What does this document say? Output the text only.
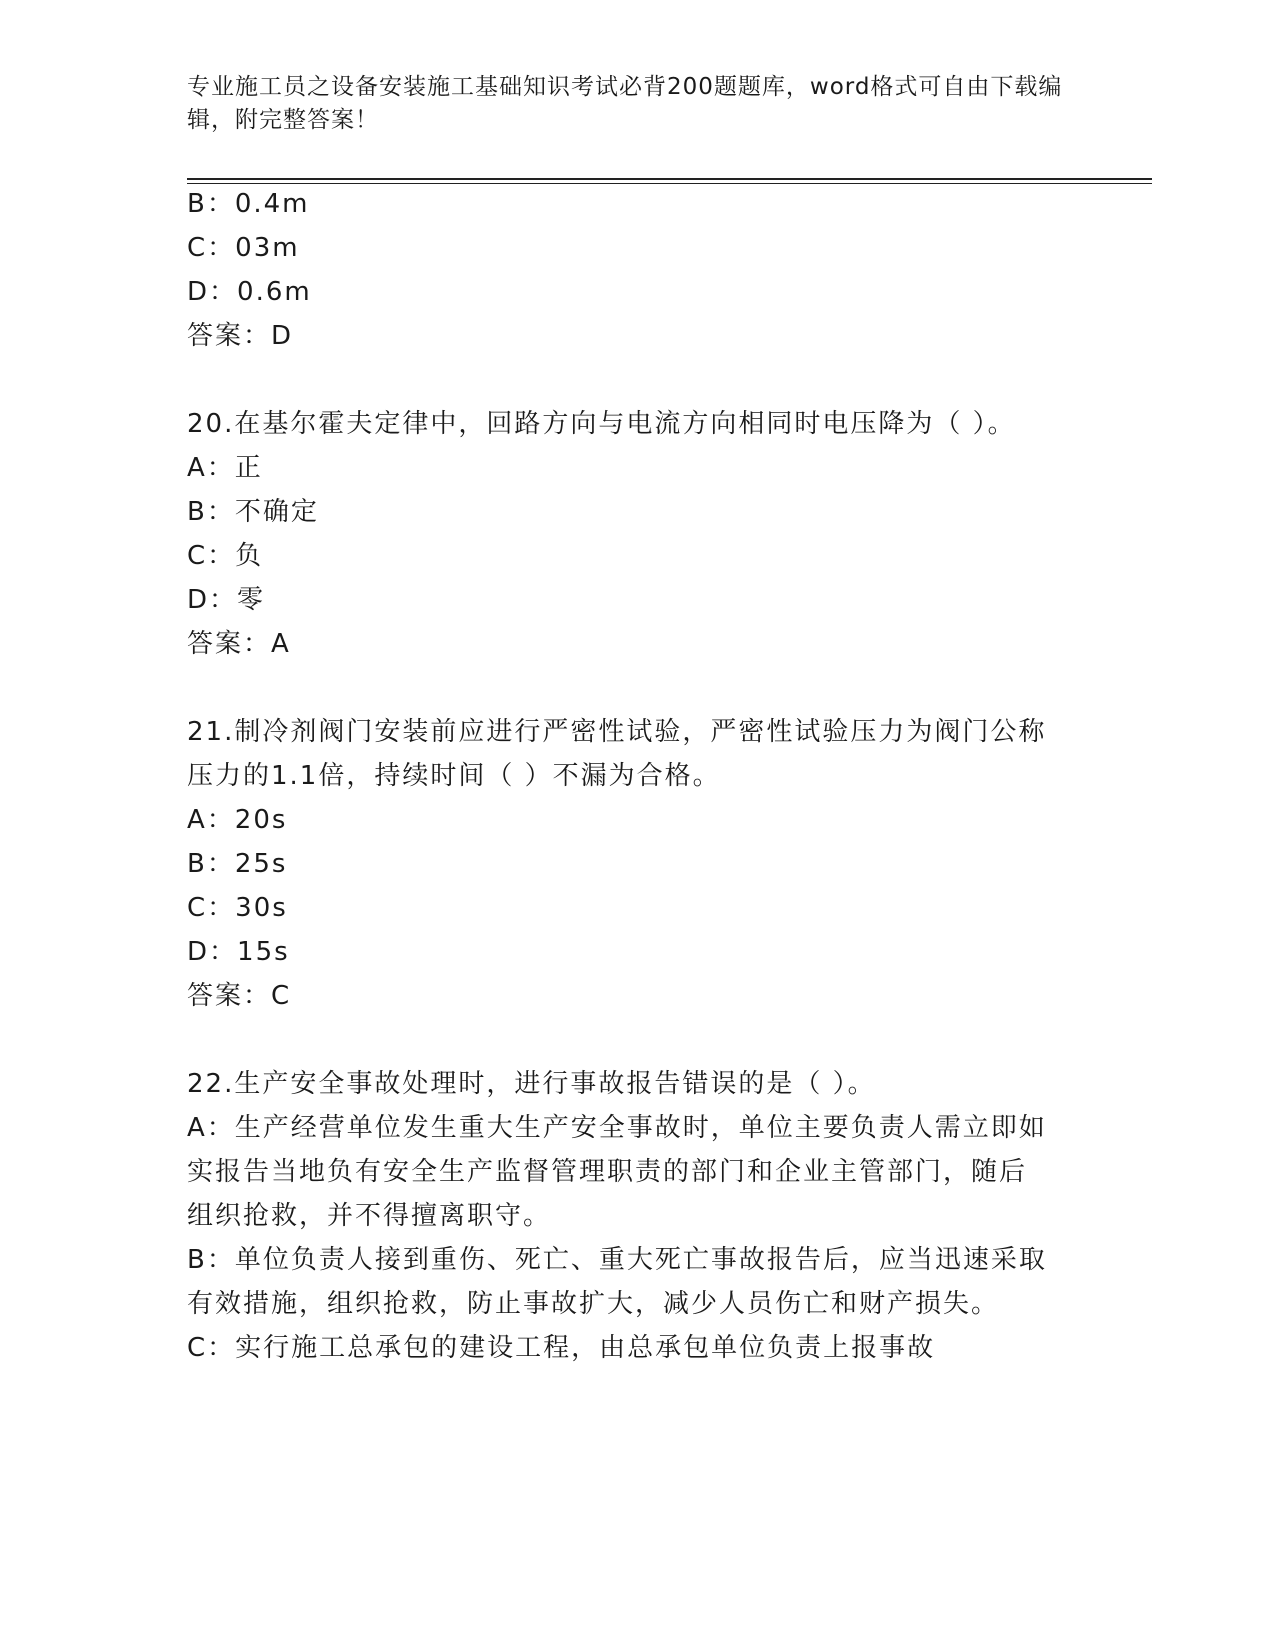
专业施工员之设备安装施工基础知识考试必背200题题库，word格式可自由下载编辑，附完整答案！
B：0.4m
C：03m
D：0.6m
答案：D
20.在基尔霍夫定律中，回路方向与电流方向相同时电压降为（ ）。
A：正
B：不确定
C：负
D：零
答案：A
21.制冷剂阀门安装前应进行严密性试验，严密性试验压力为阀门公称
压力的1.1倍，持续时间（ ）不漏为合格。
A：20s
B：25s
C：30s
D：15s
答案：C
22.生产安全事故处理时，进行事故报告错误的是（ ）。
A：生产经营单位发生重大生产安全事故时，单位主要负责人需立即如
实报告当地负有安全生产监督管理职责的部门和企业主管部门，随后
组织抢救，并不得擅离职守。
B：单位负责人接到重伤、死亡、重大死亡事故报告后，应当迅速采取
有效措施，组织抢救，防止事故扩大，减少人员伤亡和财产损失。
C：实行施工总承包的建设工程，由总承包单位负责上报事故
